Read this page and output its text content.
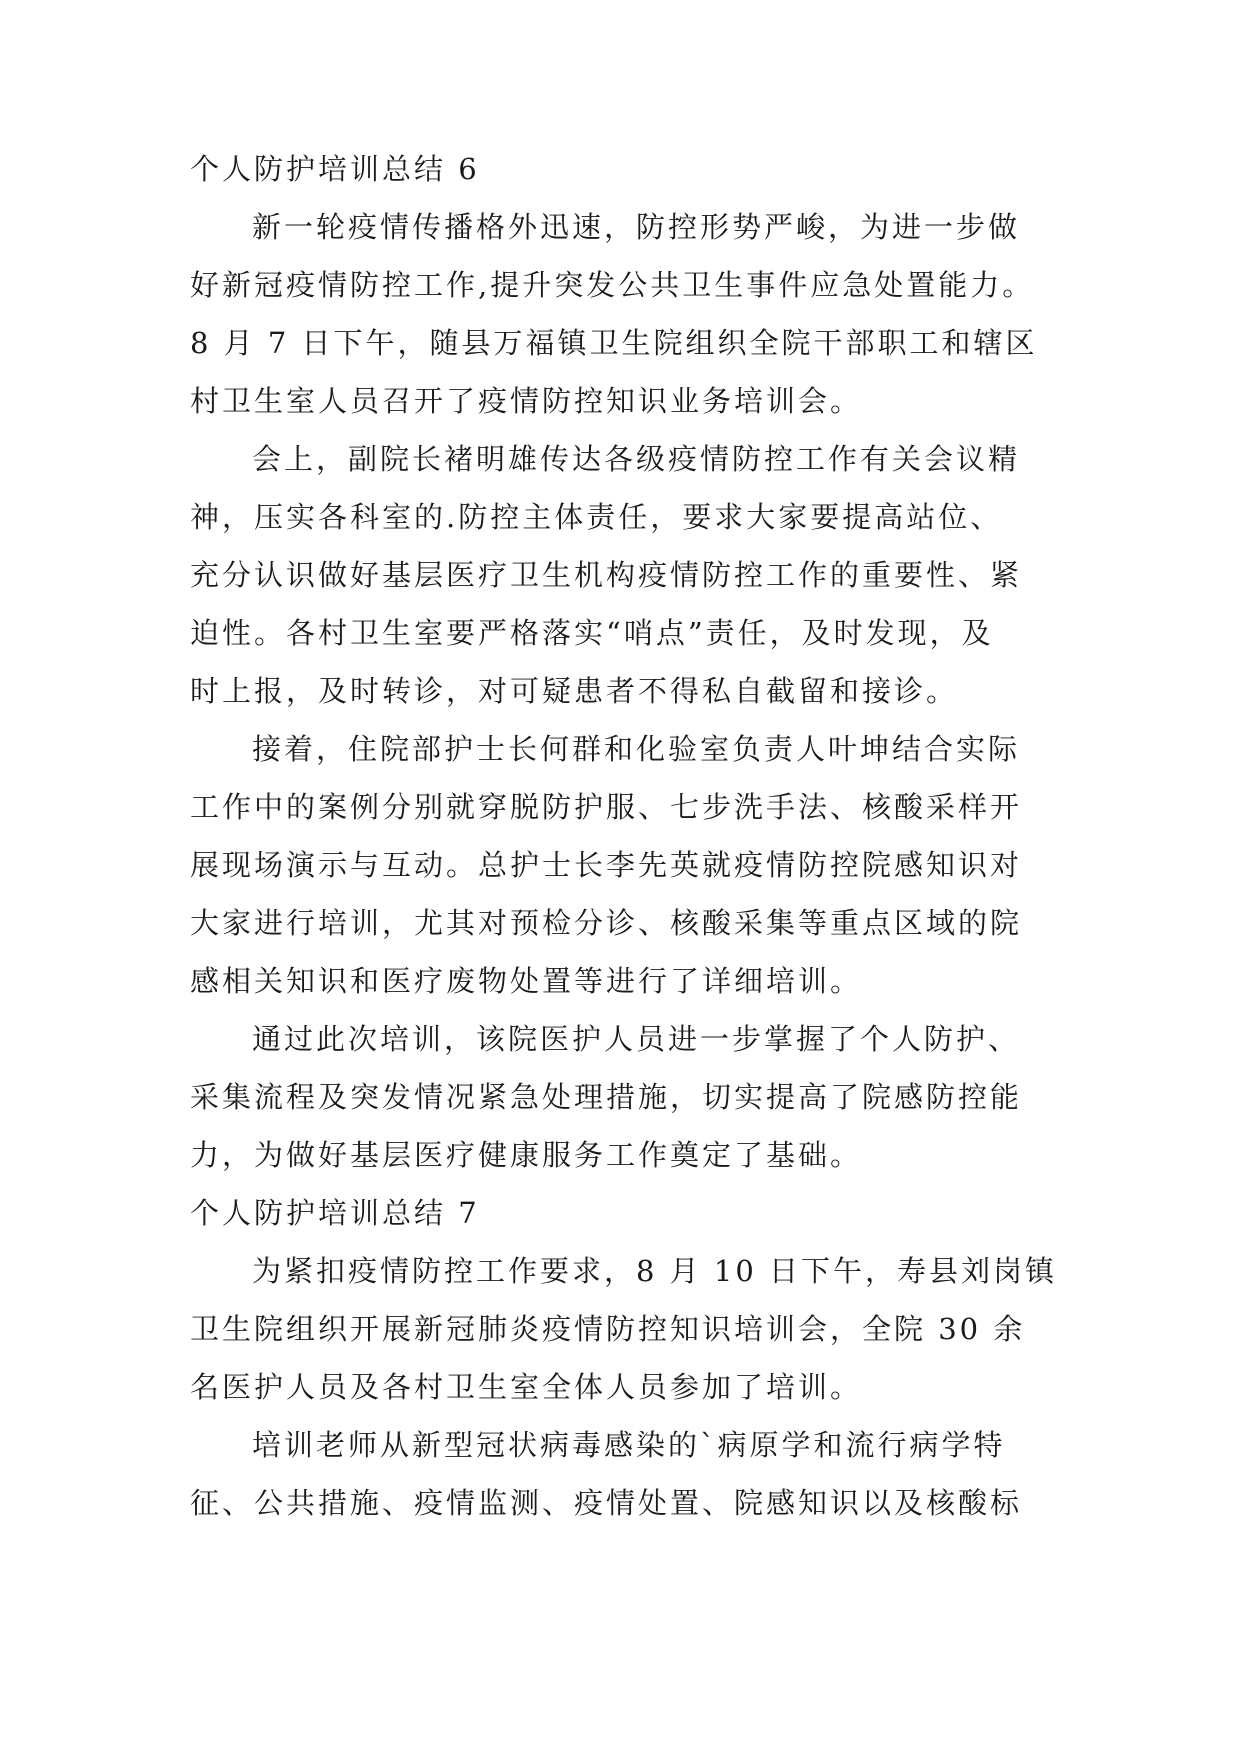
个人防护培训总结 6
新一轮疫情传播格外迅速，防控形势严峻，为进一步做
好新冠疫情防控工作,提升突发公共卫生事件应急处置能力。
8 月 7 日下午，随县万福镇卫生院组织全院干部职工和辖区
村卫生室人员召开了疫情防控知识业务培训会。
会上，副院长褚明雄传达各级疫情防控工作有关会议精
神，压实各科室的.防控主体责任，要求大家要提高站位、
充分认识做好基层医疗卫生机构疫情防控工作的重要性、紧
迫性。各村卫生室要严格落实“哨点”责任，及时发现，及
时上报，及时转诊，对可疑患者不得私自截留和接诊。
接着，住院部护士长何群和化验室负责人叶坤结合实际
工作中的案例分别就穿脱防护服、七步洗手法、核酸采样开
展现场演示与互动。总护士长李先英就疫情防控院感知识对
大家进行培训，尤其对预检分诊、核酸采集等重点区域的院
感相关知识和医疗废物处置等进行了详细培训。
通过此次培训，该院医护人员进一步掌握了个人防护、
采集流程及突发情况紧急处理措施，切实提高了院感防控能
力，为做好基层医疗健康服务工作奠定了基础。
个人防护培训总结 7
为紧扣疫情防控工作要求，8 月 10 日下午，寿县刘岗镇
卫生院组织开展新冠肺炎疫情防控知识培训会，全院 30 余
名医护人员及各村卫生室全体人员参加了培训。
培训老师从新型冠状病毒感染的`病原学和流行病学特
征、公共措施、疫情监测、疫情处置、院感知识以及核酸标
